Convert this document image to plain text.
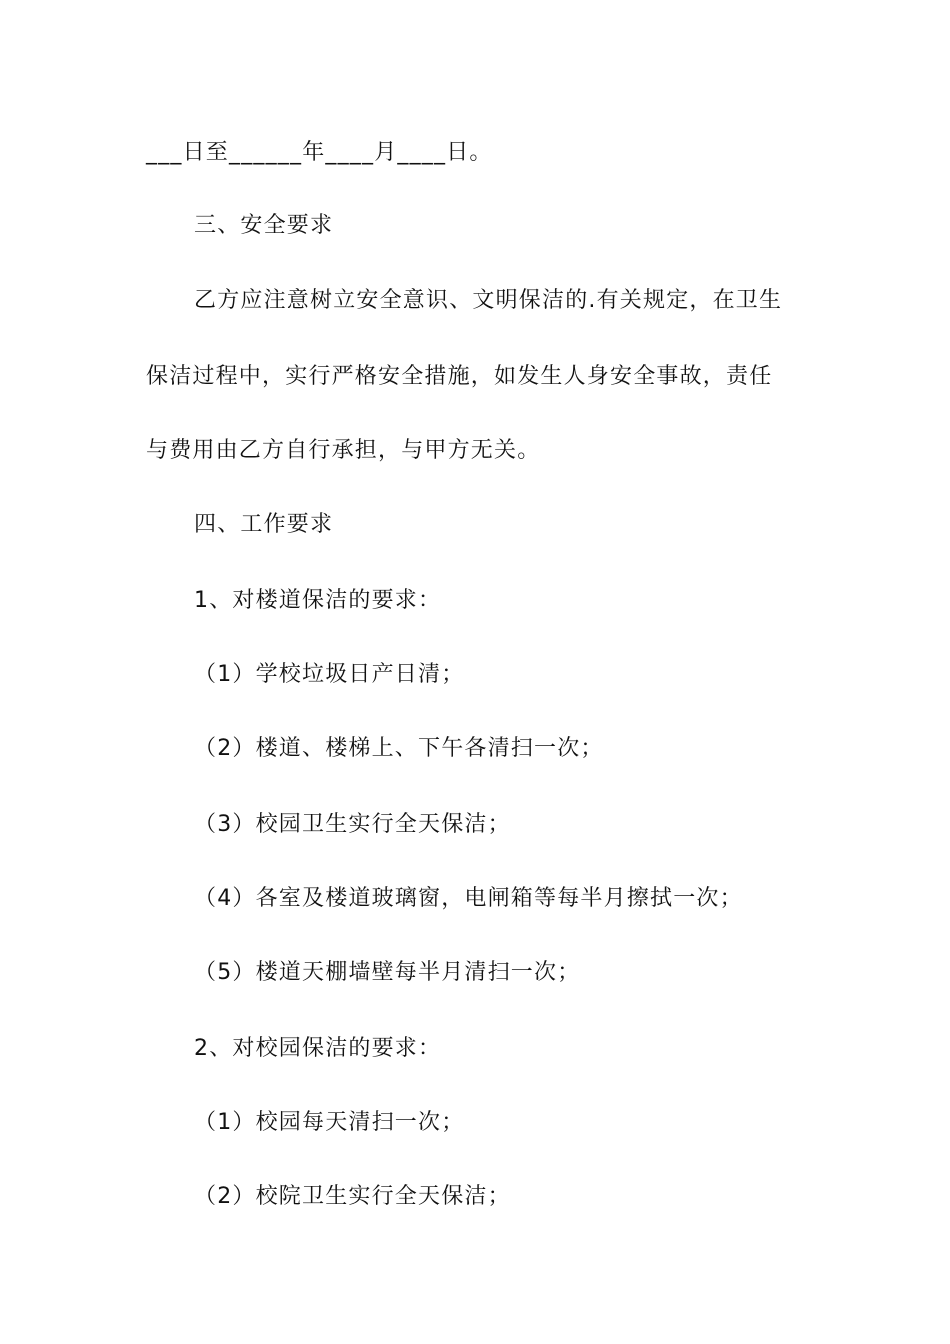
___日至______年____月____日。
三、安全要求
乙方应注意树立安全意识、文明保洁的.有关规定，在卫生
保洁过程中，实行严格安全措施，如发生人身安全事故，责任
与费用由乙方自行承担，与甲方无关。
四、工作要求
1、对楼道保洁的要求：
（1）学校垃圾日产日清；
（2）楼道、楼梯上、下午各清扫一次；
（3）校园卫生实行全天保洁；
（4）各室及楼道玻璃窗，电闸箱等每半月擦拭一次；
（5）楼道天棚墙壁每半月清扫一次；
2、对校园保洁的要求：
（1）校园每天清扫一次；
（2）校院卫生实行全天保洁；
